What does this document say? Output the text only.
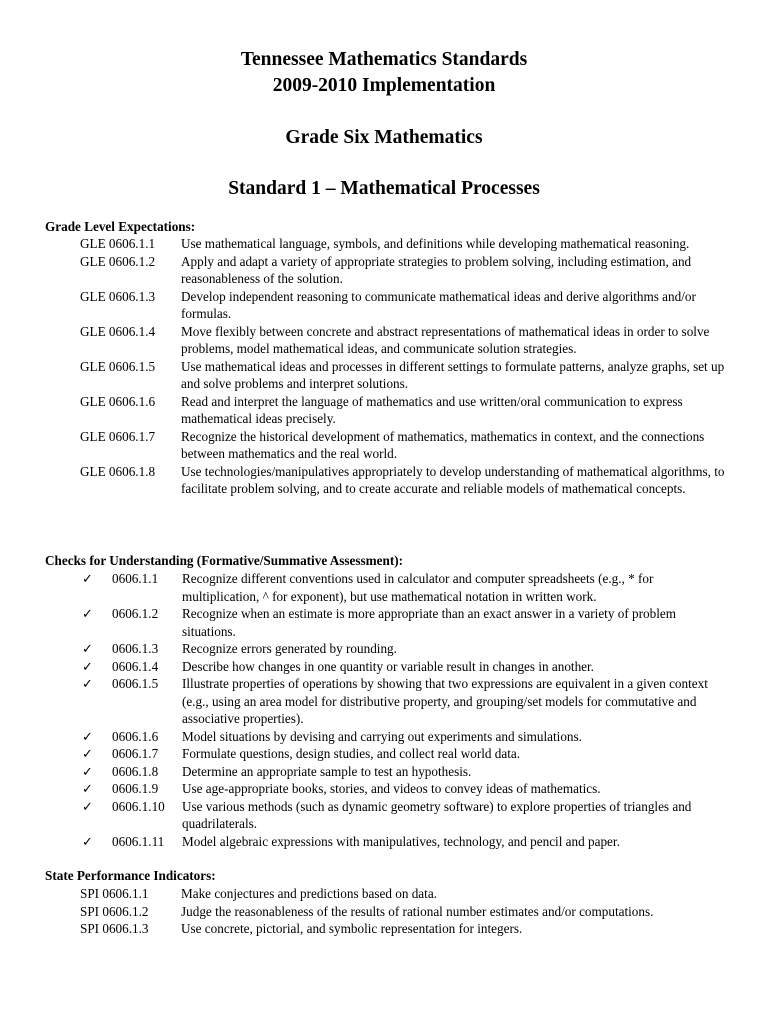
Tennessee Mathematics Standards
2009-2010 Implementation
Grade Six Mathematics
Standard 1 – Mathematical Processes

Grade Level Expectations:

GLE 0606.1.1 Use mathematical language, symbols, and definitions while developing mathematical reasoning.
GLE 0606.1.2 Apply and adapt a variety of appropriate strategies to problem solving, including estimation, and reasonableness of the solution.
GLE 0606.1.3 Develop independent reasoning to communicate mathematical ideas and derive algorithms and/or formulas.
GLE 0606.1.4 Move flexibly between concrete and abstract representations of mathematical ideas in order to solve problems, model mathematical ideas, and communicate solution strategies.
GLE 0606.1.5 Use mathematical ideas and processes in different settings to formulate patterns, analyze graphs, set up and solve problems and interpret solutions.
GLE 0606.1.6 Read and interpret the language of mathematics and use written/oral communication to express mathematical ideas precisely.
GLE 0606.1.7 Recognize the historical development of mathematics, mathematics in context, and the connections between mathematics and the real world.
GLE 0606.1.8 Use technologies/manipulatives appropriately to develop understanding of mathematical algorithms, to facilitate problem solving, and to create accurate and reliable models of mathematical concepts.

Checks for Understanding (Formative/Summative Assessment):

✓ 0606.1.1 Recognize different conventions used in calculator and computer spreadsheets (e.g., * for multiplication, ^ for exponent), but use mathematical notation in written work.
✓ 0606.1.2 Recognize when an estimate is more appropriate than an exact answer in a variety of problem situations.
✓ 0606.1.3 Recognize errors generated by rounding.
✓ 0606.1.4 Describe how changes in one quantity or variable result in changes in another.
✓ 0606.1.5 Illustrate properties of operations by showing that two expressions are equivalent in a given context (e.g., using an area model for distributive property, and grouping/set models for commutative and associative properties).
✓ 0606.1.6 Model situations by devising and carrying out experiments and simulations.
✓ 0606.1.7 Formulate questions, design studies, and collect real world data.
✓ 0606.1.8 Determine an appropriate sample to test an hypothesis.
✓ 0606.1.9 Use age-appropriate books, stories, and videos to convey ideas of mathematics.
✓ 0606.1.10 Use various methods (such as dynamic geometry software) to explore properties of triangles and quadrilaterals.
✓ 0606.1.11 Model algebraic expressions with manipulatives, technology, and pencil and paper.

State Performance Indicators:

SPI 0606.1.1 Make conjectures and predictions based on data.
SPI 0606.1.2 Judge the reasonableness of the results of rational number estimates and/or computations.
SPI 0606.1.3 Use concrete, pictorial, and symbolic representation for integers.
